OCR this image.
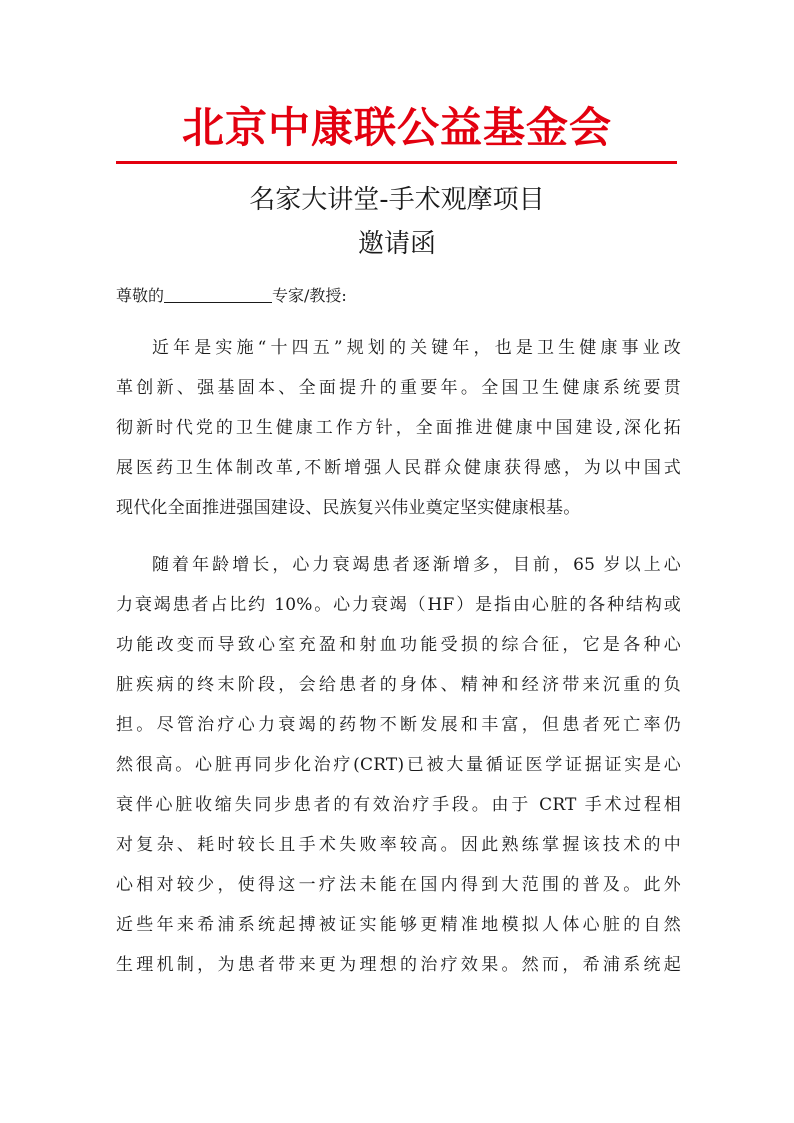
北京中康联公益基金会
名家大讲堂-手术观摩项目
邀请函
尊敬的	专家/教授:
近年是实施“十四五”规划的关键年，也是卫生健康事业改
革创新、强基固本、全面提升的重要年。全国卫生健康系统要贯
彻新时代党的卫生健康工作方针，全面推进健康中国建设,深化拓
展医药卫生体制改革,不断增强人民群众健康获得感，为以中国式
现代化全面推进强国建设、民族复兴伟业奠定坚实健康根基。
随着年龄增长，心力衰竭患者逐渐增多，目前，65 岁以上心
力衰竭患者占比约 10%。心力衰竭（HF）是指由心脏的各种结构或
功能改变而导致心室充盈和射血功能受损的综合征，它是各种心
脏疾病的终末阶段，会给患者的身体、精神和经济带来沉重的负
担。尽管治疗心力衰竭的药物不断发展和丰富，但患者死亡率仍
然很高。心脏再同步化治疗(CRT)已被大量循证医学证据证实是心
衰伴心脏收缩失同步患者的有效治疗手段。由于 CRT 手术过程相
对复杂、耗时较长且手术失败率较高。因此熟练掌握该技术的中
心相对较少，使得这一疗法未能在国内得到大范围的普及。此外
近些年来希浦系统起搏被证实能够更精准地模拟人体心脏的自然
生理机制，为患者带来更为理想的治疗效果。然而，希浦系统起
